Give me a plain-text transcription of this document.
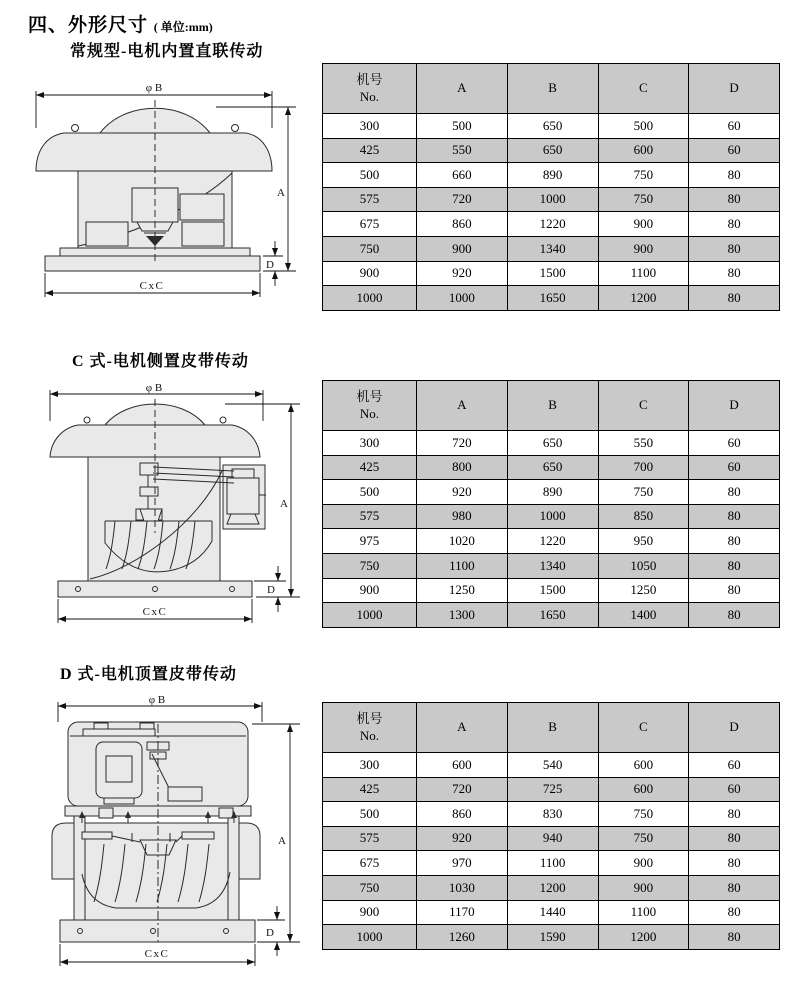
四、外形尺寸 ( 单位:mm)
常规型-电机内置直联传动
φ B
A
D
CxC
机号
No.	A	B	C	D
300	500	650	500	60
425	550	650	600	60
500	660	890	750	80
575	720	1000	750	80
675	860	1220	900	80
750	900	1340	900	80
900	920	1500	1100	80
1000	1000	1650	1200	80
C 式-电机侧置皮带传动
φ B
A
D
CxC
机号
No.	A	B	C	D
300	720	650	550	60
425	800	650	700	60
500	920	890	750	80
575	980	1000	850	80
975	1020	1220	950	80
750	1100	1340	1050	80
900	1250	1500	1250	80
1000	1300	1650	1400	80
D 式-电机顶置皮带传动
φ B
A
D
CxC
机号
No.	A	B	C	D
300	600	540	600	60
425	720	725	600	60
500	860	830	750	80
575	920	940	750	80
675	970	1100	900	80
750	1030	1200	900	80
900	1170	1440	1100	80
1000	1260	1590	1200	80
